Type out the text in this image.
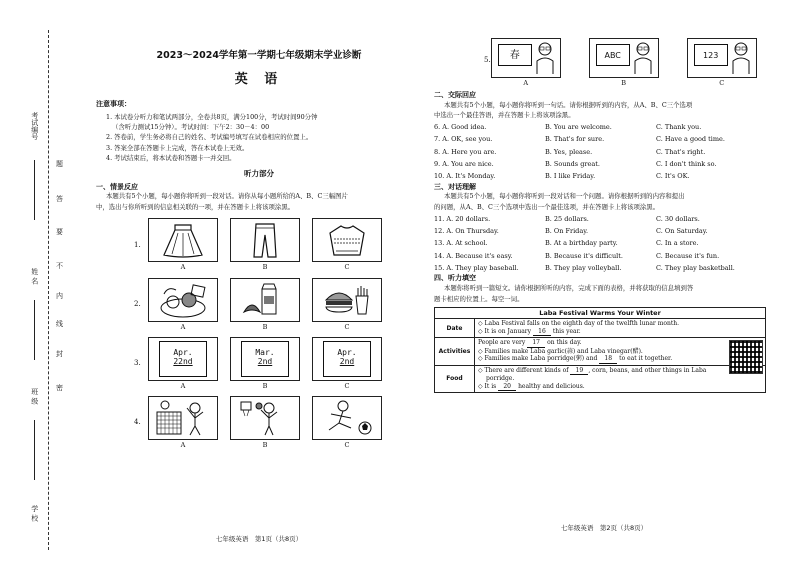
考试编号
姓 名
班 级
学 校
题
答
要
不
内
线
封
密
2023～2024学年第一学期七年级期末学业诊断
英 语
注意事项：
1. 本试卷分听力和笔试两部分，全卷共8页，满分100分，考试时间90分钟
（含听力测试15分钟）。考试时间：下午2：30－4：00
2. 答卷前，学生务必将自己的姓名、考试编号填写在试卷相应的位置上。
3. 答案全部在答题卡上完成，答在本试卷上无效。
4. 考试结束后，将本试卷和答题卡一并交回。
听力部分
一、情景反应
本题共有5个小题，每小题你将听到一段对话。请你从每小题所给的A、B、C三幅图片
中，选出与你所听到的信息相关联的一项，并在答题卡上将该项涂黑。
1.
A	B	C
2.
A	B	C
3.
Apr.
22nd
A
Mar.
2nd
B
Apr.
2nd
C
4.
A	B	C
七年级英语　第1页（共8页）
5.	春
A
ABC
B
123
C
二、交际回应
本题共有5个小题，每小题你将听到一句话。请你根据听到的内容，从A、B、C三个选项
中选出一个最佳答语，并在答题卡上将该项涂黑。
6. A. Good idea.	B. You are welcome.	C. Thank you.
7. A. OK, see you.	B. That's for sure.	C. Have a good time.
8. A. Here you are.	B. Yes, please.	C. That's right.
9. A. You are nice.	B. Sounds great.	C. I don't think so.
10. A. It's Monday.	B. I like Friday.	C. It's OK.
三、对话理解
本题共有5个小题，每小题你将听到一段对话和一个问题。请你根据听到的内容和提出
的问题，从A、B、C三个选项中选出一个最佳选项，并在答题卡上将该项涂黑。
11. A. 20 dollars.	B. 25 dollars.	C. 30 dollars.
12. A. On Thursday.	B. On Friday.	C. On Saturday.
13. A. At school.	B. At a birthday party.	C. In a store.
14. A. Because it's easy.	B. Because it's difficult.	C. Because it's fun.
15. A. They play baseball.	B. They play volleyball.	C. They play basketball.
四、听力填空
本题你将听到一篇短文。请你根据所听的内容，完成下面的表格，并将获取的信息填到答
题卡相应的位置上。每空一词。
Laba Festival Warms Your Winter	
Date	◇ Laba Festival falls on the eighth day of the twelfth lunar month.
◇ It is on January 16 this year.

Activities	People are very 17 on this day.
◇ Families make Laba garlic(蒜) and Laba vinegar(醋).
◇ Families make Laba porridge(粥) and 18 to eat it together.

Food	◇ There are different kinds of 19 , corn, beans, and other things in Laba
porridge.
◇ It is 20 healthy and delicious.
七年级英语　第2页（共8页）
